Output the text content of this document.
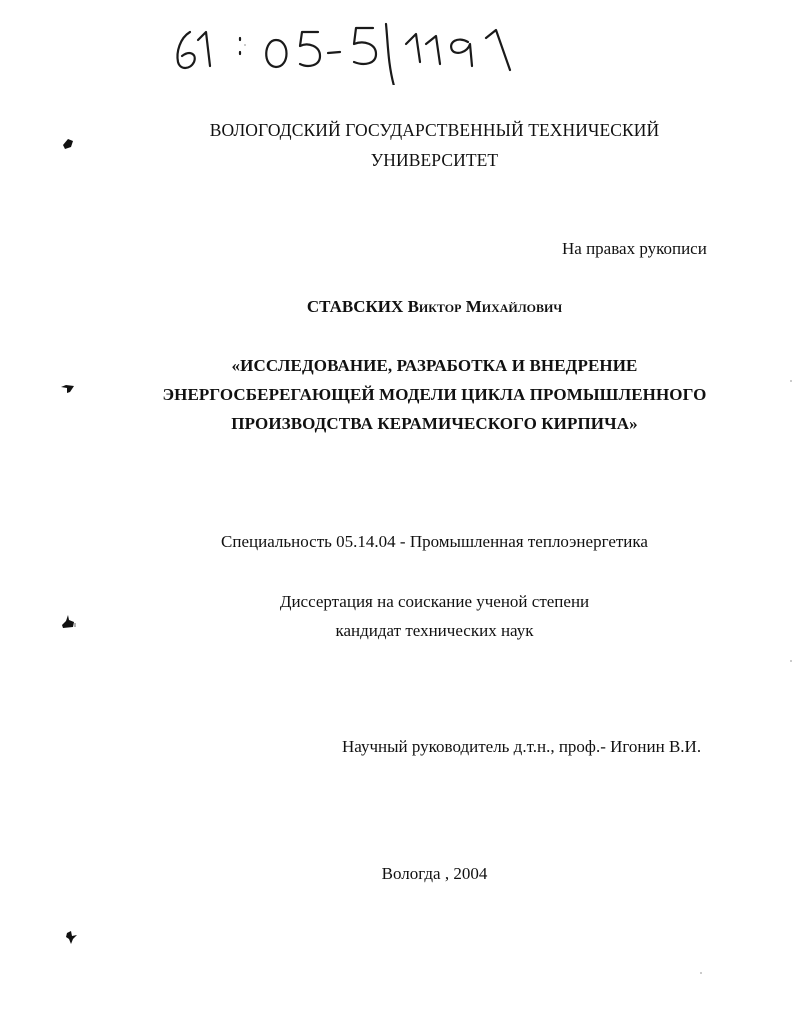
ВОЛОГОДСКИЙ ГОСУДАРСТВЕННЫЙ ТЕХНИЧЕСКИЙ
УНИВЕРСИТЕТ
На правах рукописи
СТАВСКИХ Виктор Михайлович
«ИССЛЕДОВАНИЕ, РАЗРАБОТКА И ВНЕДРЕНИЕ
ЭНЕРГОСБЕРЕГАЮЩЕЙ МОДЕЛИ ЦИКЛА ПРОМЫШЛЕННОГО
ПРОИЗВОДСТВА КЕРАМИЧЕСКОГО КИРПИЧА»
Специальность 05.14.04 - Промышленная теплоэнергетика
Диссертация на соискание ученой степени
кандидат технических наук
Научный руководитель д.т.н., проф.- Игонин В.И.
Вологда , 2004
